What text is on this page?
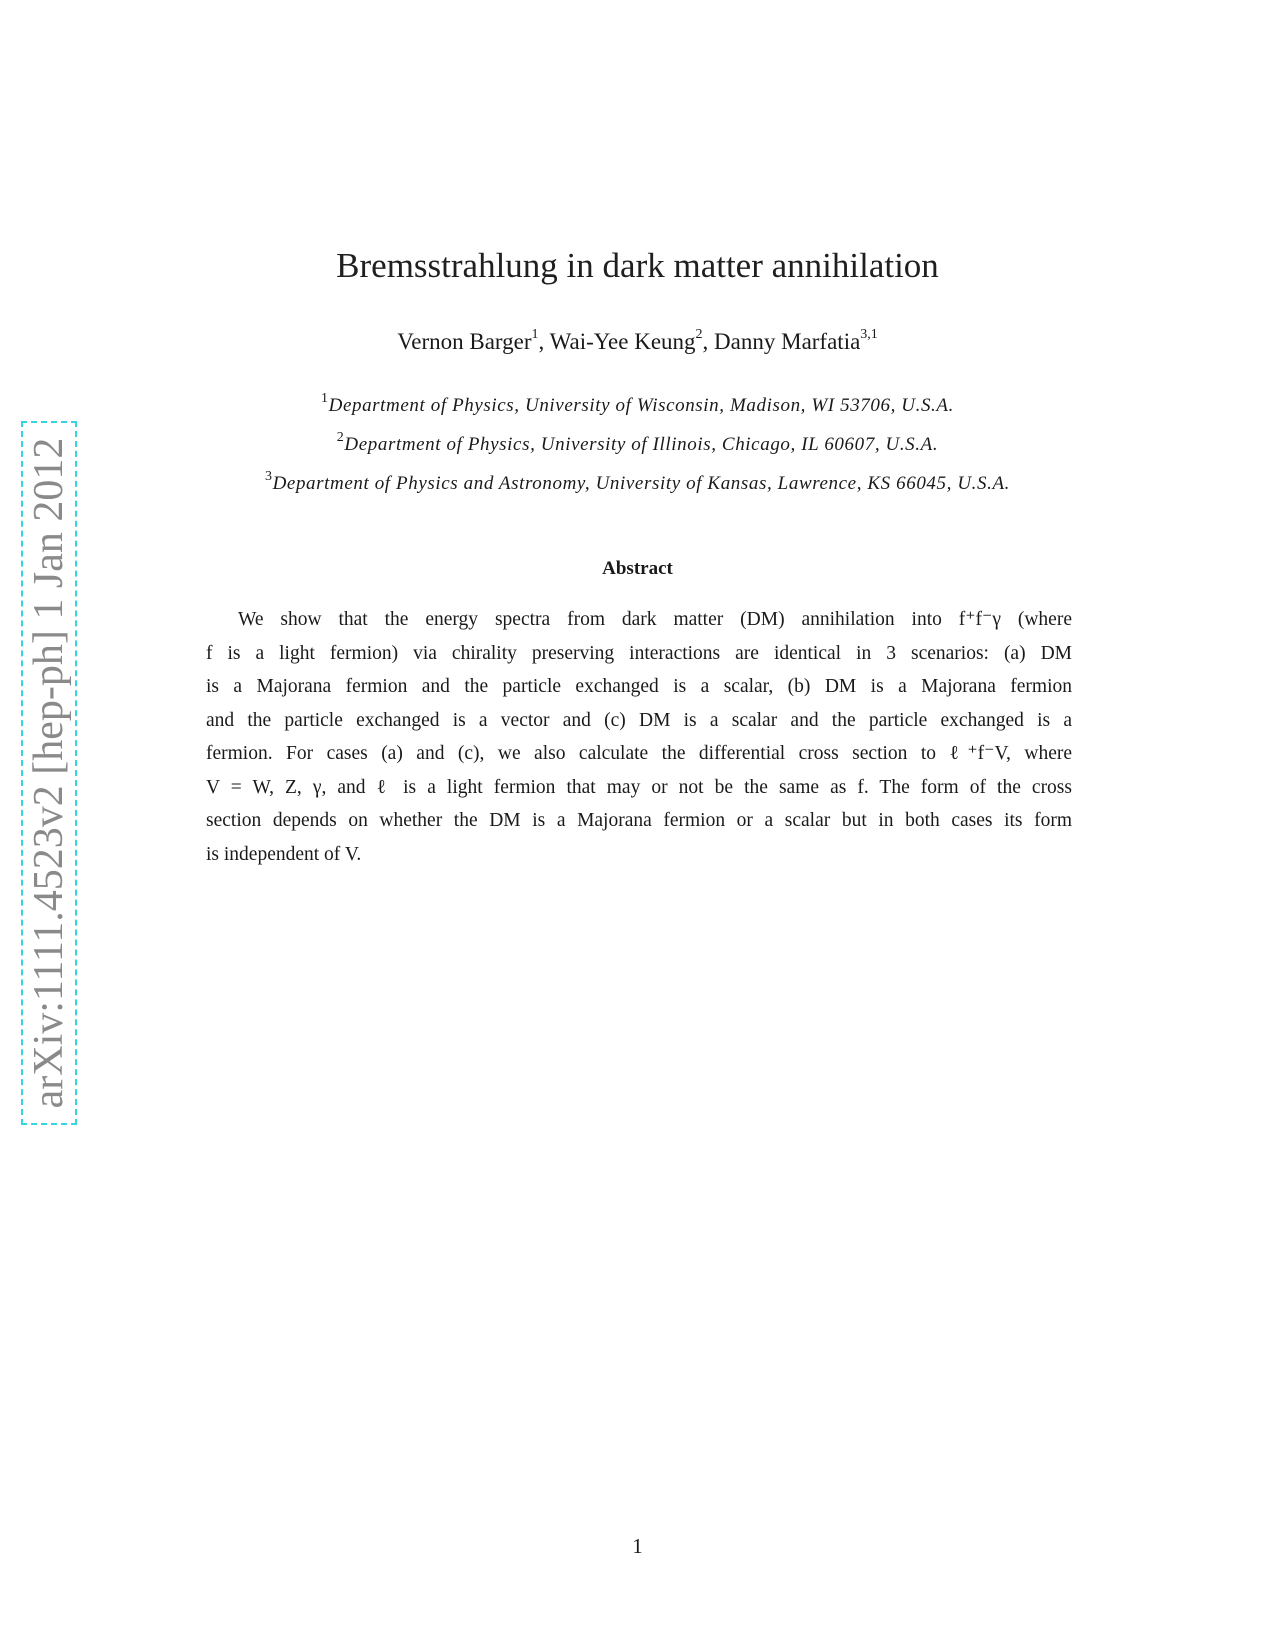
arXiv:1111.4523v2 [hep-ph] 1 Jan 2012
Bremsstrahlung in dark matter annihilation
Vernon Barger$^1$, Wai-Yee Keung$^2$, Danny Marfatia$^{3,1}$
$^1$Department of Physics, University of Wisconsin, Madison, WI 53706, U.S.A.
$^2$Department of Physics, University of Illinois, Chicago, IL 60607, U.S.A.
$^3$Department of Physics and Astronomy, University of Kansas, Lawrence, KS 66045, U.S.A.
Abstract
We show that the energy spectra from dark matter (DM) annihilation into f⁺f⁻γ (where
f is a light fermion) via chirality preserving interactions are identical in 3 scenarios: (a) DM
is a Majorana fermion and the particle exchanged is a scalar, (b) DM is a Majorana fermion
and the particle exchanged is a vector and (c) DM is a scalar and the particle exchanged is a
fermion. For cases (a) and (c), we also calculate the differential cross section to ℓ⁺f⁻V, where
V = W, Z, γ, and ℓ is a light fermion that may or not be the same as f. The form of the cross
section depends on whether the DM is a Majorana fermion or a scalar but in both cases its form
is independent of V.
1
